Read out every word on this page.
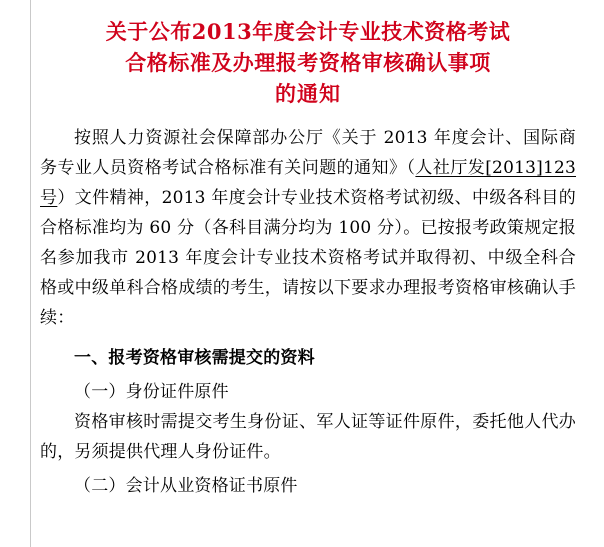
关于公布2013年度会计专业技术资格考试
合格标准及办理报考资格审核确认事项
的通知

按照人力资源社会保障部办公厅《关于 2013 年度会计、国际商务专业人员资格考试合格标准有关问题的通知》（人社厅发[2013]123号）文件精神，2013 年度会计专业技术资格考试初级、中级各科目的合格标准均为 60 分（各科目满分均为 100 分）。已按报考政策规定报名参加我市 2013 年度会计专业技术资格考试并取得初、中级全科合格或中级单科合格成绩的考生，请按以下要求办理报考资格审核确认手续：

一、报考资格审核需提交的资料

（一）身份证件原件

资格审核时需提交考生身份证、军人证等证件原件，委托他人代办的，另须提供代理人身份证件。

（二）会计从业资格证书原件
